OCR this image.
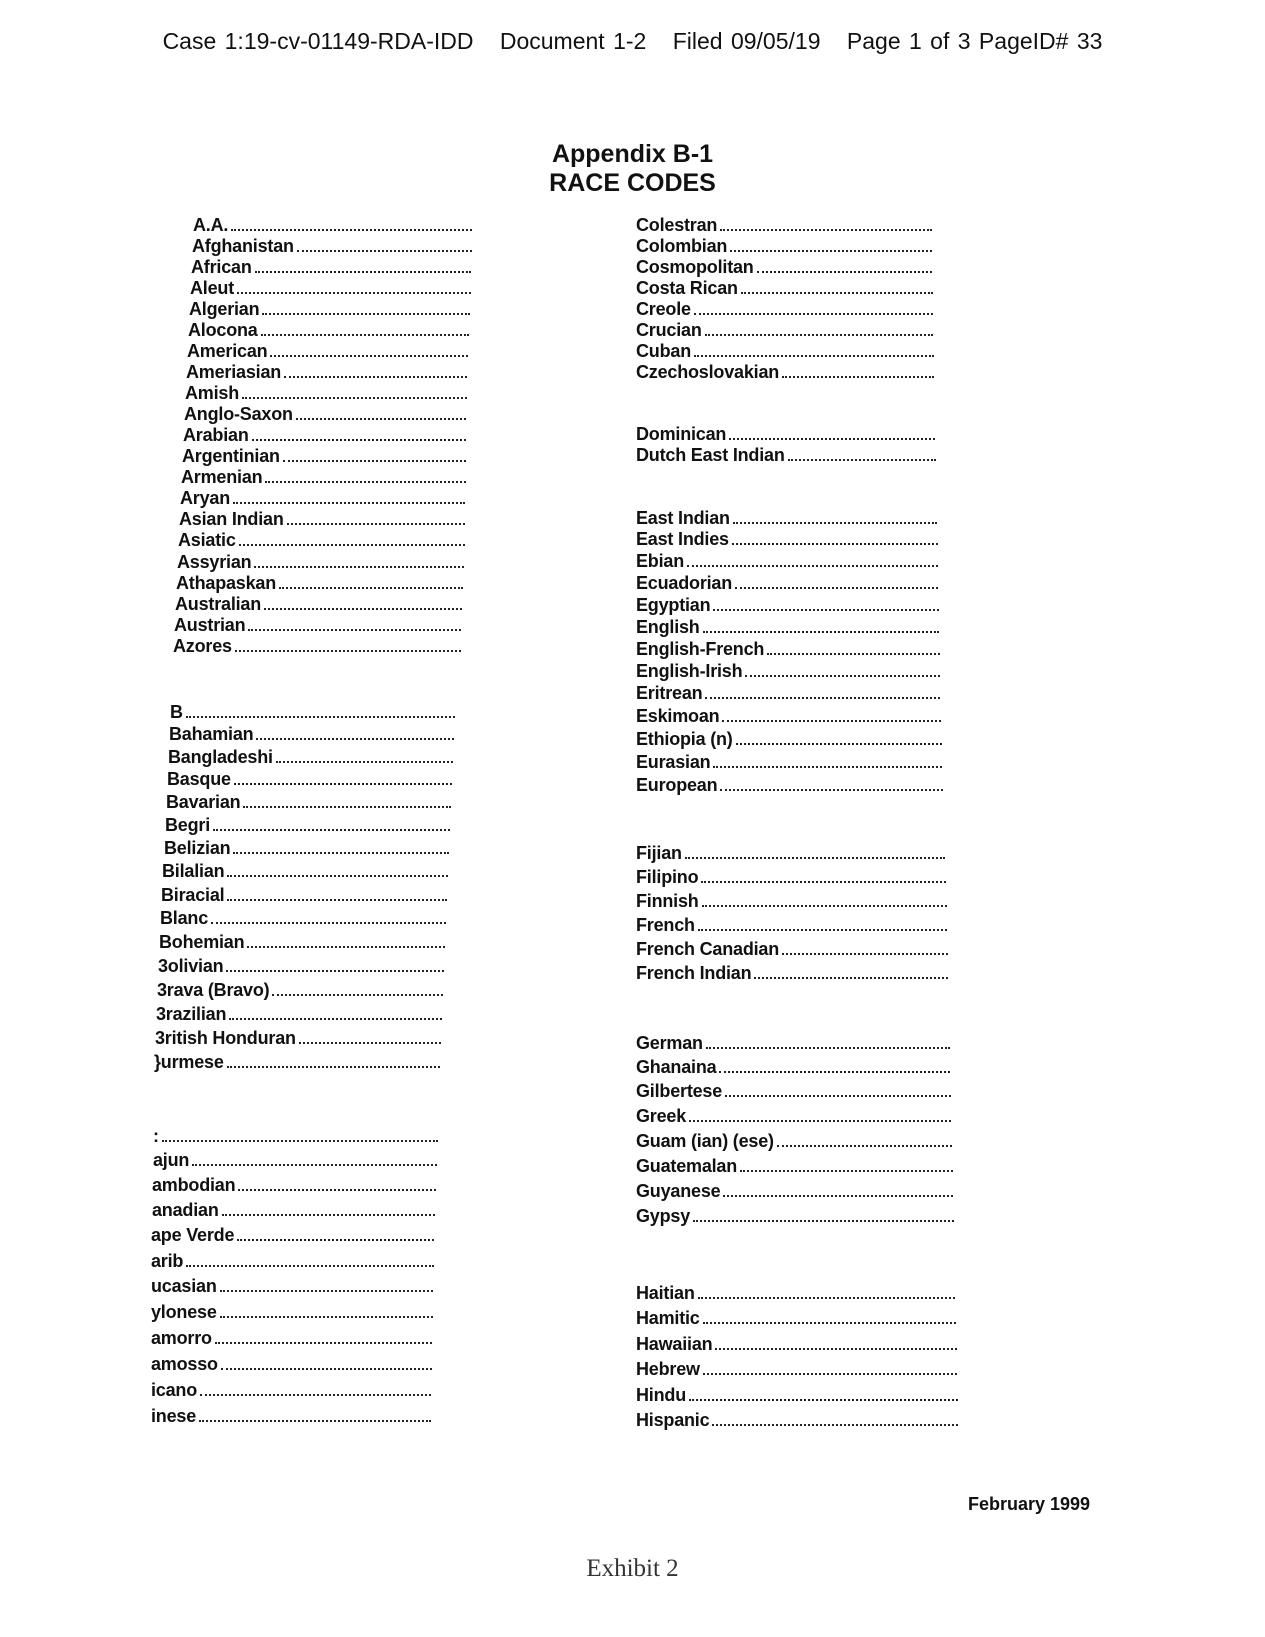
Case 1:19-cv-01149-RDA-IDD Document 1-2 Filed 09/05/19 Page 1 of 3 PageID# 33
Appendix B-1
RACE CODES
A.A.
Afghanistan
African
Aleut
Algerian
Alocona
American
Ameriasian
Amish
Anglo-Saxon
Arabian
Argentinian
Armenian
Aryan
Asian Indian
Asiatic
Assyrian
Athapaskan
Australian
Austrian
Azores
B
Bahamian
Bangladeshi
Basque
Bavarian
Begri
Belizian
Bilalian
Biracial
Blanc
Bohemian
3olivian
3rava (Bravo)
3razilian
3ritish Honduran
}urmese
:
ajun
ambodian
anadian
ape Verde
arib
ucasian
ylonese
amorro
amosso
icano
inese
Colestran
Colombian
Cosmopolitan
Costa Rican
Creole
Crucian
Cuban
Czechoslovakian
Dominican
Dutch East Indian
East Indian
East Indies
Ebian
Ecuadorian
Egyptian
English
English-French
English-Irish
Eritrean
Eskimoan
Ethiopia (n)
Eurasian
European
Fijian
Filipino
Finnish
French
French Canadian
French Indian
German
Ghanaina
Gilbertese
Greek
Guam (ian) (ese)
Guatemalan
Guyanese
Gypsy
Haitian
Hamitic
Hawaiian
Hebrew
Hindu
Hispanic
February 1999
Exhibit 2
